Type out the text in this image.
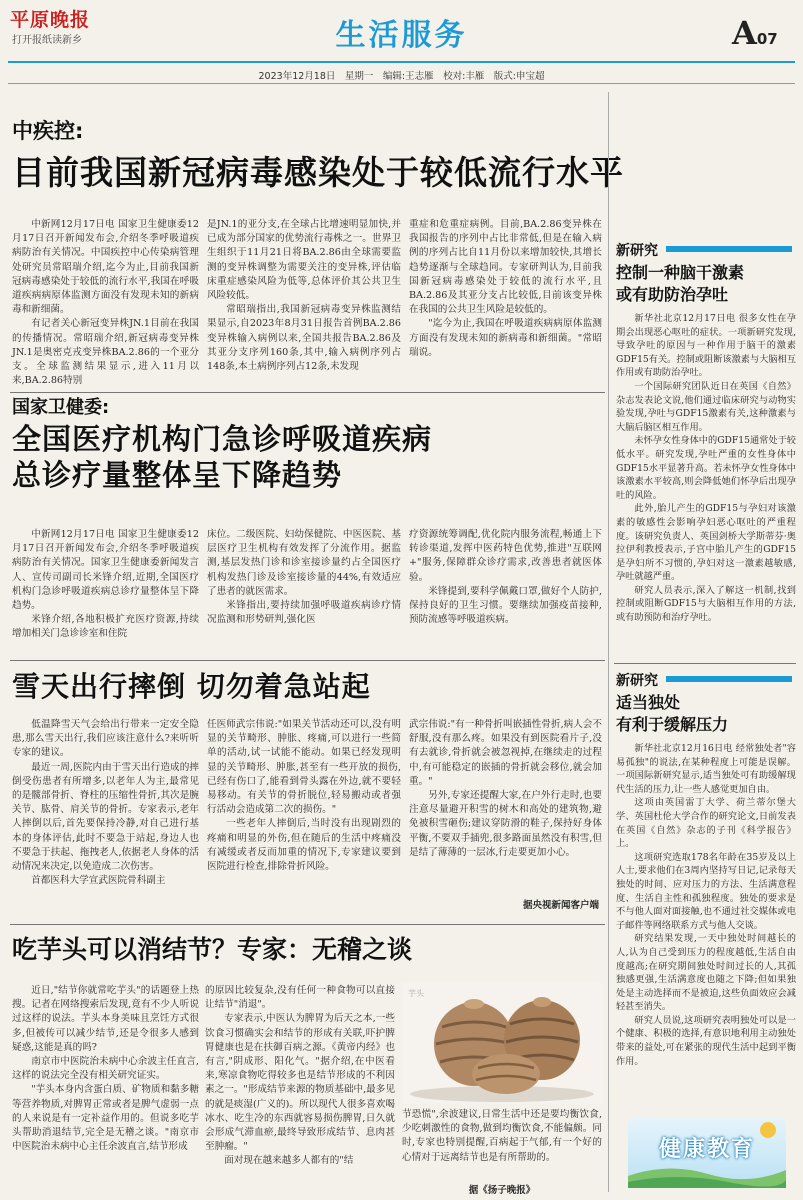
平原晚报
打开报纸读新乡	生活服务	A07
2023年12月18日　星期一　编辑:王志雁　校对:丰雁　版式:申宝超
中疾控:
目前我国新冠病毒感染处于较低流行水平

中新网12月17日电 国家卫生健康委12月17日召开新闻发布会,介绍冬季呼吸道疾病防治有关情况。中国疾控中心传染病管理处研究员常昭瑞介绍,迄今为止,目前我国新冠病毒感染处于较低的流行水平,我国在呼吸道疾病病原体监测方面没有发现未知的新病毒和新细菌。

有记者关心新冠变异株JN.1目前在我国的传播情况。常昭瑞介绍,新冠病毒变异株JN.1是奥密克戎变异株BA.2.86的一个亚分支。全球监测结果显示,进入11月以来,BA.2.86特别

是JN.1的亚分支,在全球占比增速明显加快,并已成为部分国家的优势流行毒株之一。世界卫生组织于11月21日将BA.2.86由全球需要监测的变异株调整为需要关注的变异株,评估临床重症感染风险为低等,总体评价其公共卫生风险较低。

常昭瑞指出,我国新冠病毒变异株监测结果显示,自2023年8月31日报告首例BA.2.86变异株输入病例以来,全国共报告BA.2.86及其亚分支序列160条,其中,输入病例序列占148条,本土病例序列占12条,未发现

重症和危重症病例。目前,BA.2.86变异株在我国报告的序列中占比非常低,但是在输入病例的序列占比自11月份以来增加较快,其增长趋势逐渐与全球趋同。专家研判认为,目前我国新冠病毒感染处于较低的流行水平,且BA.2.86及其亚分支占比较低,目前该变异株在我国的公共卫生风险是较低的。

"迄今为止,我国在呼吸道疾病病原体监测方面没有发现未知的新病毒和新细菌。"常昭瑞说。

国家卫健委:
全国医疗机构门急诊呼吸道疾病
总诊疗量整体呈下降趋势

中新网12月17日电 国家卫生健康委12月17日召开新闻发布会,介绍冬季呼吸道疾病防治有关情况。国家卫生健康委新闻发言人、宣传司副司长米锋介绍,近期,全国医疗机构门急诊呼吸道疾病总诊疗量整体呈下降趋势。

米锋介绍,各地积极扩充医疗资源,持续增加相关门急诊诊室和住院

床位。二级医院、妇幼保健院、中医医院、基层医疗卫生机构有效发挥了分流作用。据监测,基层发热门诊和诊室接诊量约占全国医疗机构发热门诊及诊室接诊量的44%,有效适应了患者的就医需求。

米锋指出,要持续加强呼吸道疾病诊疗情况监测和形势研判,强化医

疗资源统筹调配,优化院内服务流程,畅通上下转诊渠道,发挥中医药特色优势,推进"互联网+"服务,保障群众诊疗需求,改善患者就医体验。

米锋提到,要科学佩戴口罩,做好个人防护,保持良好的卫生习惯。要继续加强疫苗接种,预防流感等呼吸道疾病。

雪天出行摔倒 切勿着急站起

低温降雪天气会给出行带来一定安全隐患,那么雪天出行,我们应该注意什么?来听听专家的建议。

最近一周,医院内由于雪天出行造成的摔倒受伤患者有所增多,以老年人为主,最常见的是髋部骨折、脊柱的压缩性骨折,其次是腕关节、肱骨、肩关节的骨折。专家表示,老年人摔倒以后,首先要保持冷静,对自己进行基本的身体评估,此时不要急于站起,身边人也不要急于扶起、拖拽老人,依据老人身体的活动情况来决定,以免造成二次伤害。

首都医科大学宣武医院骨科副主

任医师武宗伟说:"如果关节活动还可以,没有明显的关节畸形、肿胀、疼痛,可以进行一些简单的活动,试一试能不能动。如果已经发现明显的关节畸形、肿胀,甚至有一些开放的损伤,已经有伤口了,能看到骨头露在外边,就不要轻易移动。有关节的骨折脱位,轻易搬动或者强行活动会造成第二次的损伤。"

一些老年人摔倒后,当时没有出现剧烈的疼痛和明显的外伤,但在随后的生活中疼痛没有减缓或者反而加重的情况下,专家建议要到医院进行检查,排除骨折风险。

武宗伟说:"有一种骨折叫嵌插性骨折,病人会不舒服,没有那么疼。如果没有到医院看片子,没有去就诊,骨折就会被忽视掉,在继续走的过程中,有可能稳定的嵌插的骨折就会移位,就会加重。"

另外,专家还提醒大家,在户外行走时,也要注意尽量避开积雪的树木和高处的建筑物,避免被积雪砸伤;建议穿防滑的鞋子,保持好身体平衡,不要双手插兜,很多路面虽然没有积雪,但是结了薄薄的一层冰,行走要更加小心。

据央视新闻客户端
吃芋头可以消结节？专家：无稽之谈

近日,"结节你就常吃芋头"的话题登上热搜。记者在网络搜索后发现,竟有不少人听说过这样的说法。芋头本身美味且烹饪方式很多,但被传可以减少结节,还是令很多人感到疑惑,这能是真的吗?

南京市中医院治未病中心余波主任直言,这样的说法完全没有相关研究证实。

"芋头本身内含蛋白质、矿物质和黏多糖等营养物质,对脾胃正常或者是脾气虚弱一点的人来说是有一定补益作用的。但说多吃芋头帮助消退结节,完全是无稽之谈。"南京市中医院治未病中心主任余波直言,结节形成

的原因比较复杂,没有任何一种食物可以直接让结节"消退"。

专家表示,中医认为脾胃为后天之本,一些饮食习惯确实会和结节的形成有关联,吓护脾胃健康也是在扶御百病之源。《黄帝内经》也有言,"阴成形、阳化气。"据介绍,在中医看来,寒凉食物吃得较多也是结节形成的不利因素之一。"形成结节来源的物质基础中,最多见的就是痰湿(广义的)。所以现代人很多喜欢喝冰水、吃生冷的东西就容易损伤脾胃,日久就会形成气滞血瘀,最终导致形成结节、息肉甚至肿瘤。"

面对现在越来越多人都有的"结

芋头

节恐慌",余波建议,日常生活中还是要均衡饮食,少吃刺激性的食物,做到均衡饮食,不能偏颇。同时,专家也特别提醒,百病起于气郁,有一个好的心情对于远离结节也是有所帮助的。

据《扬子晚报》
新研究
控制一种脑干激素
或有助防治孕吐

新华社北京12月17日电 很多女性在孕期会出现恶心呕吐的症状。一项新研究发现,导致孕吐的原因与一种作用于脑干的激素GDF15有关。控制或阻断该激素与大脑相互作用或有助防治孕吐。

一个国际研究团队近日在英国《自然》杂志发表论文说,他们通过临床研究与动物实验发现,孕吐与GDF15激素有关,这种激素与大脑后脑区相互作用。

未怀孕女性身体中的GDF15通常处于较低水平。研究发现,孕吐严重的女性身体中GDF15水平显著升高。若未怀孕女性身体中该激素水平较高,则会降低她们怀孕后出现孕吐的风险。

此外,胎儿产生的GDF15与孕妇对该激素的敏感性会影响孕妇恶心呕吐的严重程度。该研究负责人、英国剑桥大学斯蒂芬·奥拉伊利教授表示,子宫中胎儿产生的GDF15是孕妇所不习惯的,孕妇对这一激素越敏感,孕吐就越严重。

研究人员表示,深入了解这一机制,找到控制或阻断GDF15与大脑相互作用的方法,或有助预防和治疗孕吐。

新研究
适当独处
有利于缓解压力

新华社北京12月16日电 经常独处者"容易孤独"的说法,在某种程度上可能是误解。一项国际新研究显示,适当独处可有助缓解现代生活的压力,让一些人感觉更加自由。

这项由英国雷丁大学、荷兰蒂尔堡大学、英国杜伦大学合作的研究论文,日前发表在英国《自然》杂志的子刊《科学报告》上。

这项研究选取178名年龄在35岁及以上人士,要求他们在3周内坚持写日记,记录每天独处的时间、应对压力的方法、生活满意程度、生活自主性和孤独程度。独处的要求是不与他人面对面接触,也不通过社交媒体或电子邮件等网络联系方式与他人交谈。

研究结果发现,一天中独处时间越长的人,认为自己受到压力的程度越低,生活自由度越高;在研究期间独处时间过长的人,其孤独感更强,生活满意度也随之下降;但如果独处是主动选择而不是被迫,这些负面效应会减轻甚至消失。

研究人员说,这项研究表明独处可以是一个健康、积极的选择,有意识地利用主动独处带来的益处,可在紧张的现代生活中起到平衡作用。

健康教育
